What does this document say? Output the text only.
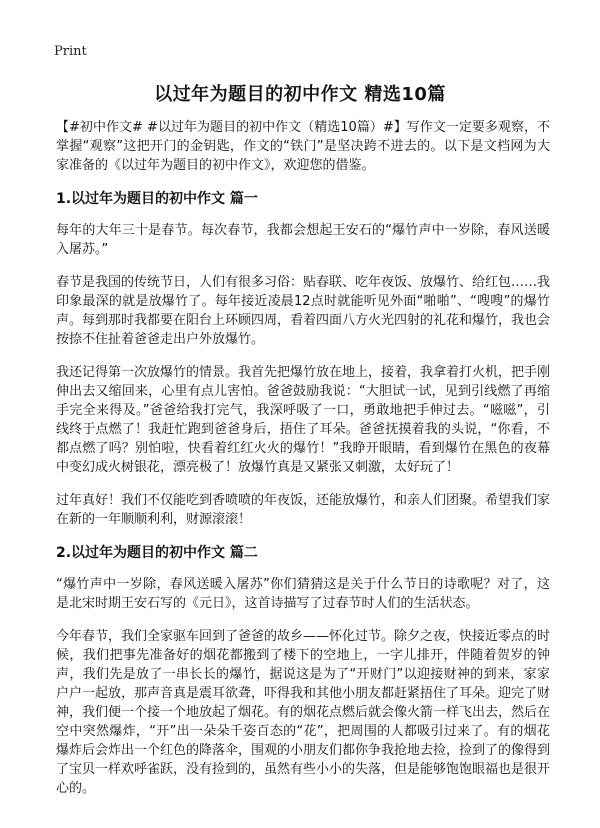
Print
以过年为题目的初中作文 精选10篇

【#初中作文# #以过年为题目的初中作文（精选10篇）#】写作文一定要多观察，不掌握“观察”这把开门的金钥匙，作文的“铁门”是坚决跨不进去的。以下是文档网为大家准备的《以过年为题目的初中作文》，欢迎您的借鉴。

1.以过年为题目的初中作文 篇一

每年的大年三十是春节。每次春节，我都会想起王安石的“爆竹声中一岁除，春风送暖入屠苏。”

春节是我国的传统节日，人们有很多习俗：贴春联、吃年夜饭、放爆竹、给红包……我印象最深的就是放爆竹了。每年接近凌晨12点时就能听见外面“啪啪”、“嗖嗖”的爆竹声。每到那时我都要在阳台上环顾四周，看着四面八方火光四射的礼花和爆竹，我也会按捺不住扯着爸爸走出户外放爆竹。

我还记得第一次放爆竹的情景。我首先把爆竹放在地上，接着，我拿着打火机，把手刚伸出去又缩回来，心里有点儿害怕。爸爸鼓励我说：“大胆试一试，见到引线燃了再缩手完全来得及。”爸爸给我打完气，我深呼吸了一口，勇敢地把手伸过去。“嗞嗞”，引线终于点燃了！我赶忙跑到爸爸身后，捂住了耳朵。爸爸抚摸着我的头说，“你看，不都点燃了吗？别怕啦，快看着红红火火的爆竹！”我睁开眼睛，看到爆竹在黑色的夜幕中变幻成火树银花，漂亮极了！放爆竹真是又紧张又刺激，太好玩了！

过年真好！我们不仅能吃到香喷喷的年夜饭，还能放爆竹，和亲人们团聚。希望我们家在新的一年顺顺利利，财源滚滚！

2.以过年为题目的初中作文 篇二

“爆竹声中一岁除，春风送暖入屠苏”你们猜猜这是关于什么节日的诗歌呢？对了，这是北宋时期王安石写的《元日》，这首诗描写了过春节时人们的生活状态。

今年春节，我们全家驱车回到了爸爸的故乡——怀化过节。除夕之夜，快接近零点的时候，我们把事先准备好的烟花都搬到了楼下的空地上，一字儿排开，伴随着贺岁的钟声，我们先是放了一串长长的爆竹，据说这是为了“开财门”以迎接财神的到来，家家户户一起放，那声音真是震耳欲聋，吓得我和其他小朋友都赶紧捂住了耳朵。迎完了财神，我们便一个接一个地放起了烟花。有的烟花点燃后就会像火箭一样飞出去，然后在空中突然爆炸，“开”出一朵朵千姿百态的“花”，把周围的人都吸引过来了。有的烟花爆炸后会炸出一个红色的降落伞，围观的小朋友们都你争我抢地去捡，捡到了的像得到了宝贝一样欢呼雀跃，没有捡到的，虽然有些小小的失落，但是能够饱饱眼福也是很开心的。
